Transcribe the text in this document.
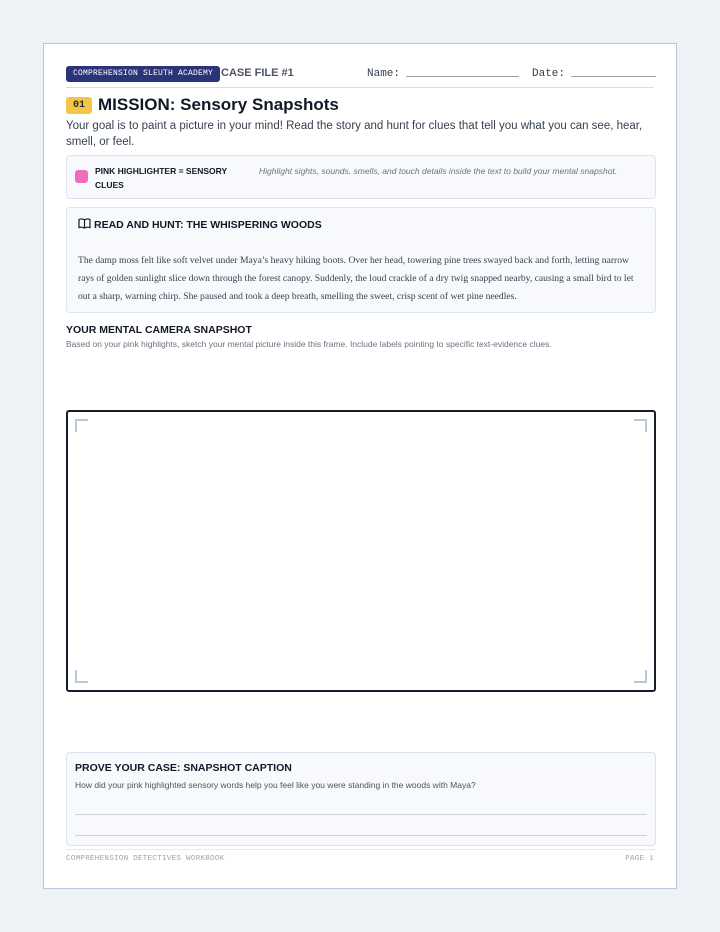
COMPREHENSION SLEUTH ACADEMY CASE FILE #1	Name:	Date:
01 MISSION: Sensory Snapshots
Your goal is to paint a picture in your mind! Read the story and hunt for clues that tell you what you can see, hear, smell, or feel.
PINK HIGHLIGHTER = SENSORY CLUES
Highlight sights, sounds, smells, and touch details inside the text to build your mental snapshot.
READ AND HUNT: THE WHISPERING WOODS
The damp moss felt like soft velvet under Maya’s heavy hiking boots. Over her head, towering pine trees swayed back and forth, letting narrow rays of golden sunlight slice down through the forest canopy. Suddenly, the loud crackle of a dry twig snapped nearby, causing a small bird to let out a sharp, warning chirp. She paused and took a deep breath, smelling the sweet, crisp scent of wet pine needles.
YOUR MENTAL CAMERA SNAPSHOT
Based on your pink highlights, sketch your mental picture inside this frame. Include labels pointing to specific text-evidence clues.
PROVE YOUR CASE: SNAPSHOT CAPTION
How did your pink highlighted sensory words help you feel like you were standing in the woods with Maya?
COMPREHENSION DETECTIVES WORKBOOK	PAGE 1
